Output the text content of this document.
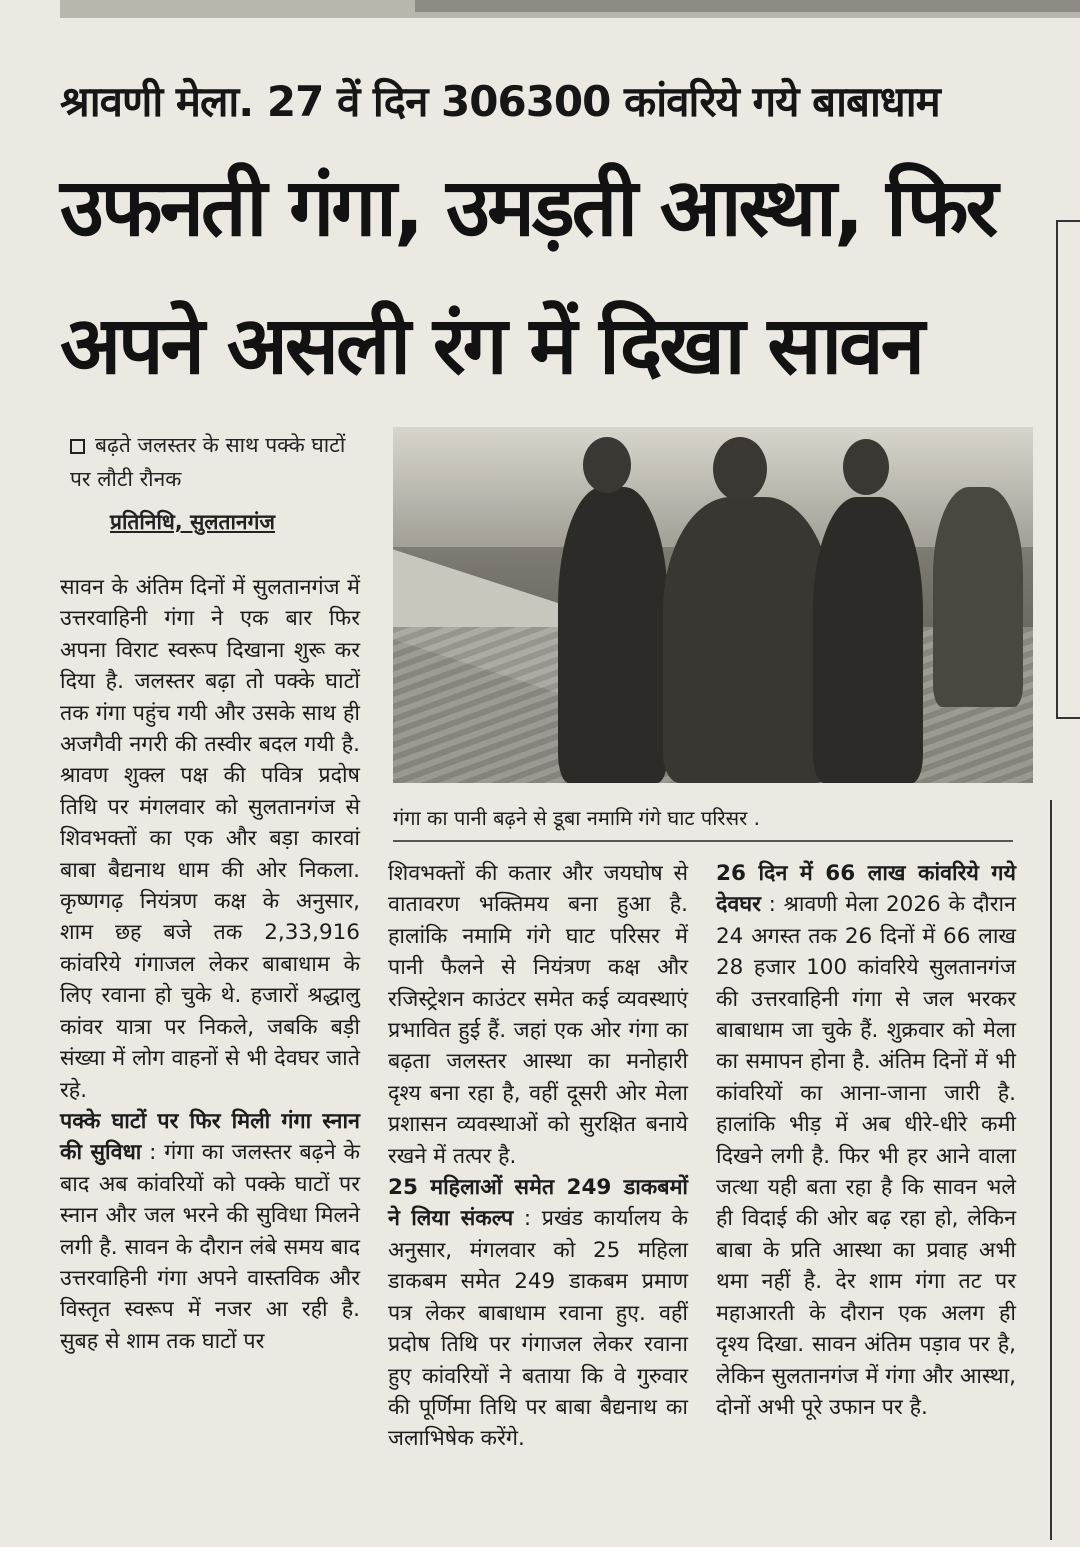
श्रावणी मेला. 27 वें दिन 306300 कांवरिये गये बाबाधाम
उफनती गंगा, उमड़ती आस्था, फिर
अपने असली रंग में दिखा सावन
बढ़ते जलस्तर के साथ पक्के घाटों पर लौटी रौनक
प्रतिनिधि, सुलतानगंज
गंगा का पानी बढ़ने से डूबा नमामि गंगे घाट परिसर .

सावन के अंतिम दिनों में सुलतानगंज में उत्तरवाहिनी गंगा ने एक बार फिर अपना विराट स्वरूप दिखाना शुरू कर दिया है. जलस्तर बढ़ा तो पक्के घाटों तक गंगा पहुंच गयी और उसके साथ ही अजगैवी नगरी की तस्वीर बदल गयी है. श्रावण शुक्ल पक्ष की पवित्र प्रदोष तिथि पर मंगलवार को सुलतानगंज से शिवभक्तों का एक और बड़ा कारवां बाबा बैद्यनाथ धाम की ओर निकला. कृष्णगढ़ नियंत्रण कक्ष के अनुसार, शाम छह बजे तक 2,33,916 कांवरिये गंगाजल लेकर बाबाधाम के लिए रवाना हो चुके थे. हजारों श्रद्धालु कांवर यात्रा पर निकले, जबकि बड़ी संख्या में लोग वाहनों से भी देवघर जाते रहे.

पक्के घाटों पर फिर मिली गंगा स्नान की सुविधा : गंगा का जलस्तर बढ़ने के बाद अब कांवरियों को पक्के घाटों पर स्नान और जल भरने की सुविधा मिलने लगी है. सावन के दौरान लंबे समय बाद उत्तरवाहिनी गंगा अपने वास्तविक और विस्तृत स्वरूप में नजर आ रही है. सुबह से शाम तक घाटों पर

शिवभक्तों की कतार और जयघोष से वातावरण भक्तिमय बना हुआ है. हालांकि नमामि गंगे घाट परिसर में पानी फैलने से नियंत्रण कक्ष और रजिस्ट्रेशन काउंटर समेत कई व्यवस्थाएं प्रभावित हुई हैं. जहां एक ओर गंगा का बढ़ता जलस्तर आस्था का मनोहारी दृश्य बना रहा है, वहीं दूसरी ओर मेला प्रशासन व्यवस्थाओं को सुरक्षित बनाये रखने में तत्पर है.

25 महिलाओं समेत 249 डाकबमों ने लिया संकल्प : प्रखंड कार्यालय के अनुसार, मंगलवार को 25 महिला डाकबम समेत 249 डाकबम प्रमाण पत्र लेकर बाबाधाम रवाना हुए. वहीं प्रदोष तिथि पर गंगाजल लेकर रवाना हुए कांवरियों ने बताया कि वे गुरुवार की पूर्णिमा तिथि पर बाबा बैद्यनाथ का जलाभिषेक करेंगे.

26 दिन में 66 लाख कांवरिये गये देवघर : श्रावणी मेला 2026 के दौरान 24 अगस्त तक 26 दिनों में 66 लाख 28 हजार 100 कांवरिये सुलतानगंज की उत्तरवाहिनी गंगा से जल भरकर बाबाधाम जा चुके हैं. शुक्रवार को मेला का समापन होना है. अंतिम दिनों में भी कांवरियों का आना-जाना जारी है. हालांकि भीड़ में अब धीरे-धीरे कमी दिखने लगी है. फिर भी हर आने वाला जत्था यही बता रहा है कि सावन भले ही विदाई की ओर बढ़ रहा हो, लेकिन बाबा के प्रति आस्था का प्रवाह अभी थमा नहीं है. देर शाम गंगा तट पर महाआरती के दौरान एक अलग ही दृश्य दिखा. सावन अंतिम पड़ाव पर है, लेकिन सुलतानगंज में गंगा और आस्था, दोनों अभी पूरे उफान पर है.
